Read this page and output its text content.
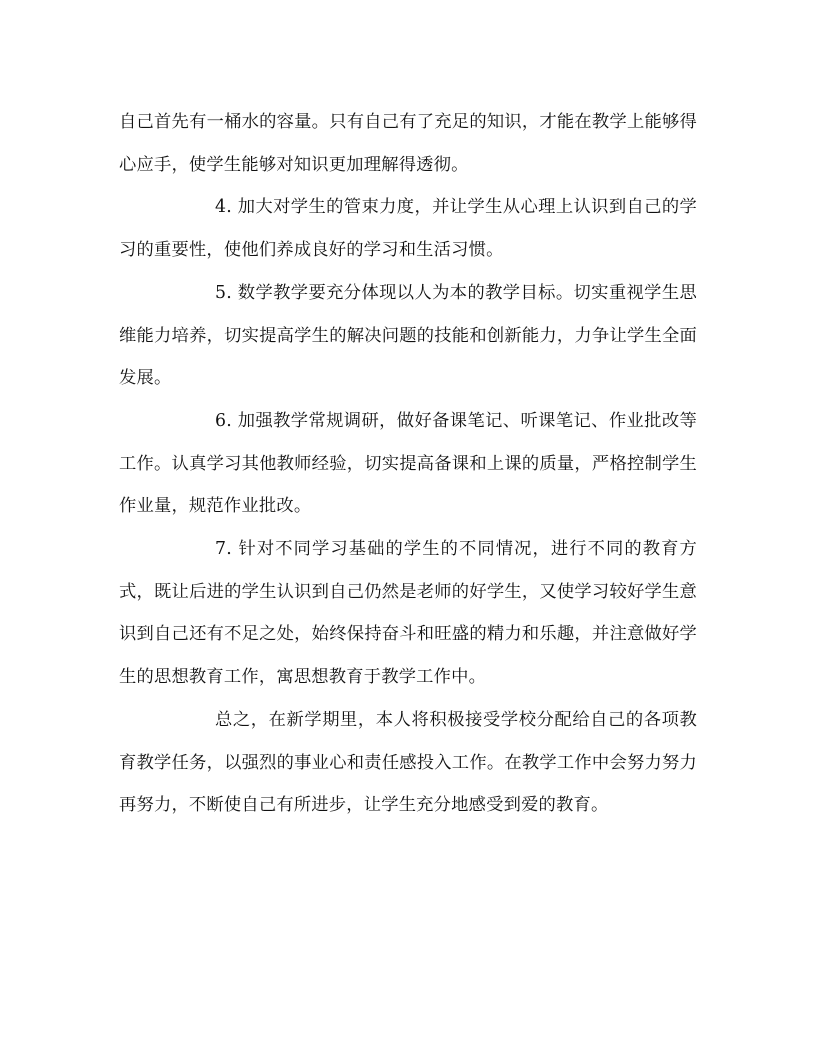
自己首先有一桶水的容量。只有自己有了充足的知识，才能在教学上能够得心应手，使学生能够对知识更加理解得透彻。

4. 加大对学生的管束力度，并让学生从心理上认识到自己的学习的重要性，使他们养成良好的学习和生活习惯。

5. 数学教学要充分体现以人为本的教学目标。切实重视学生思维能力培养，切实提高学生的解决问题的技能和创新能力，力争让学生全面发展。

6. 加强教学常规调研，做好备课笔记、听课笔记、作业批改等工作。认真学习其他教师经验，切实提高备课和上课的质量，严格控制学生作业量，规范作业批改。

7. 针对不同学习基础的学生的不同情况，进行不同的教育方式，既让后进的学生认识到自己仍然是老师的好学生，又使学习较好学生意识到自己还有不足之处，始终保持奋斗和旺盛的精力和乐趣，并注意做好学生的思想教育工作，寓思想教育于教学工作中。

总之，在新学期里，本人将积极接受学校分配给自己的各项教育教学任务，以强烈的事业心和责任感投入工作。在教学工作中会努力努力再努力，不断使自己有所进步，让学生充分地感受到爱的教育。
